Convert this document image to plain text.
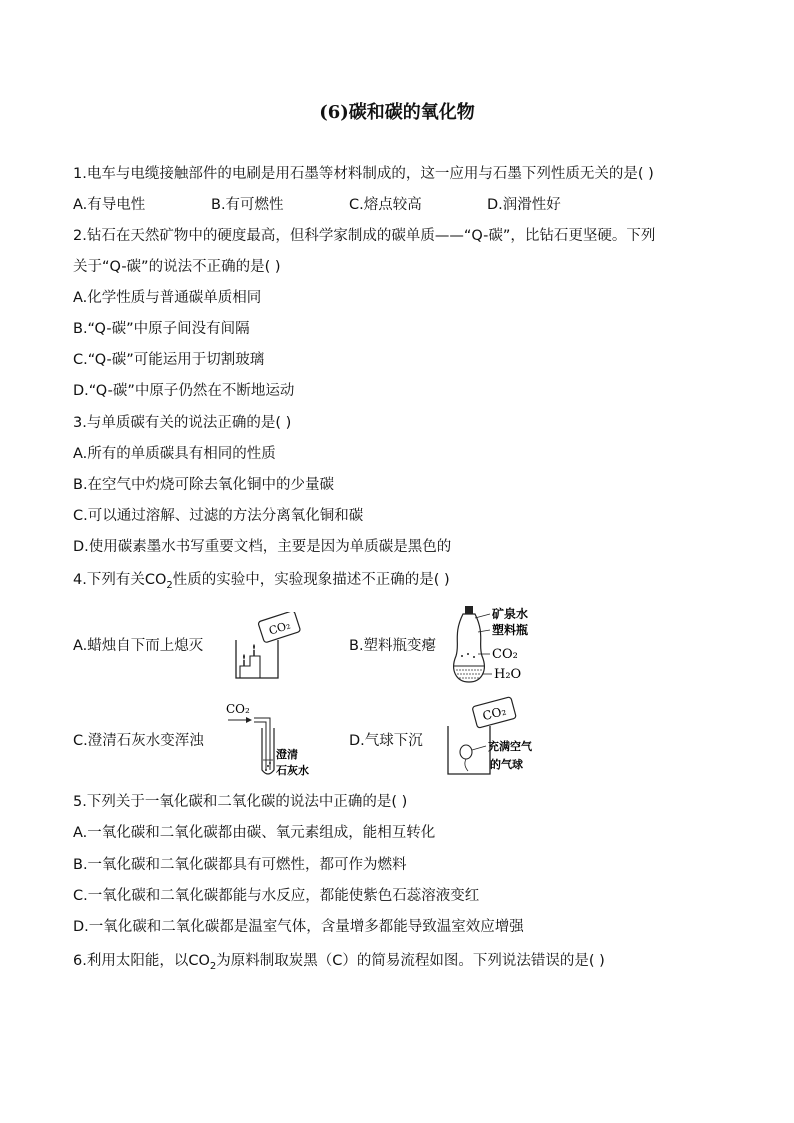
(6)碳和碳的氧化物
1.电车与电缆接触部件的电刷是用石墨等材料制成的，这一应用与石墨下列性质无关的是( )
A.有导电性	B.有可燃性	C.熔点较高	D.润滑性好
2.钻石在天然矿物中的硬度最高，但科学家制成的碳单质——“Q-碳”，比钻石更坚硬。下列
关于“Q-碳”的说法不正确的是( )
A.化学性质与普通碳单质相同
B.“Q-碳”中原子间没有间隔
C.“Q-碳”可能运用于切割玻璃
D.“Q-碳”中原子仍然在不断地运动
3.与单质碳有关的说法正确的是( )
A.所有的单质碳具有相同的性质
B.在空气中灼烧可除去氧化铜中的少量碳
C.可以通过溶解、过滤的方法分离氧化铜和碳
D.使用碳素墨水书写重要文档，主要是因为单质碳是黑色的
4.下列有关$CO_2$性质的实验中，实验现象描述不正确的是( )
A.蜡烛自下而上熄灭	B.塑料瓶变瘪
C.澄清石灰水变浑浊	D.气球下沉
CO₂
矿泉水
塑料瓶
CO₂
H₂O
CO₂
澄清
石灰水
CO₂
充满空气
的气球
5.下列关于一氧化碳和二氧化碳的说法中正确的是( )
A.一氧化碳和二氧化碳都由碳、氧元素组成，能相互转化
B.一氧化碳和二氧化碳都具有可燃性，都可作为燃料
C.一氧化碳和二氧化碳都能与水反应，都能使紫色石蕊溶液变红
D.一氧化碳和二氧化碳都是温室气体，含量增多都能导致温室效应增强
6.利用太阳能，以$CO_2$为原料制取炭黑（C）的简易流程如图。下列说法错误的是( )
